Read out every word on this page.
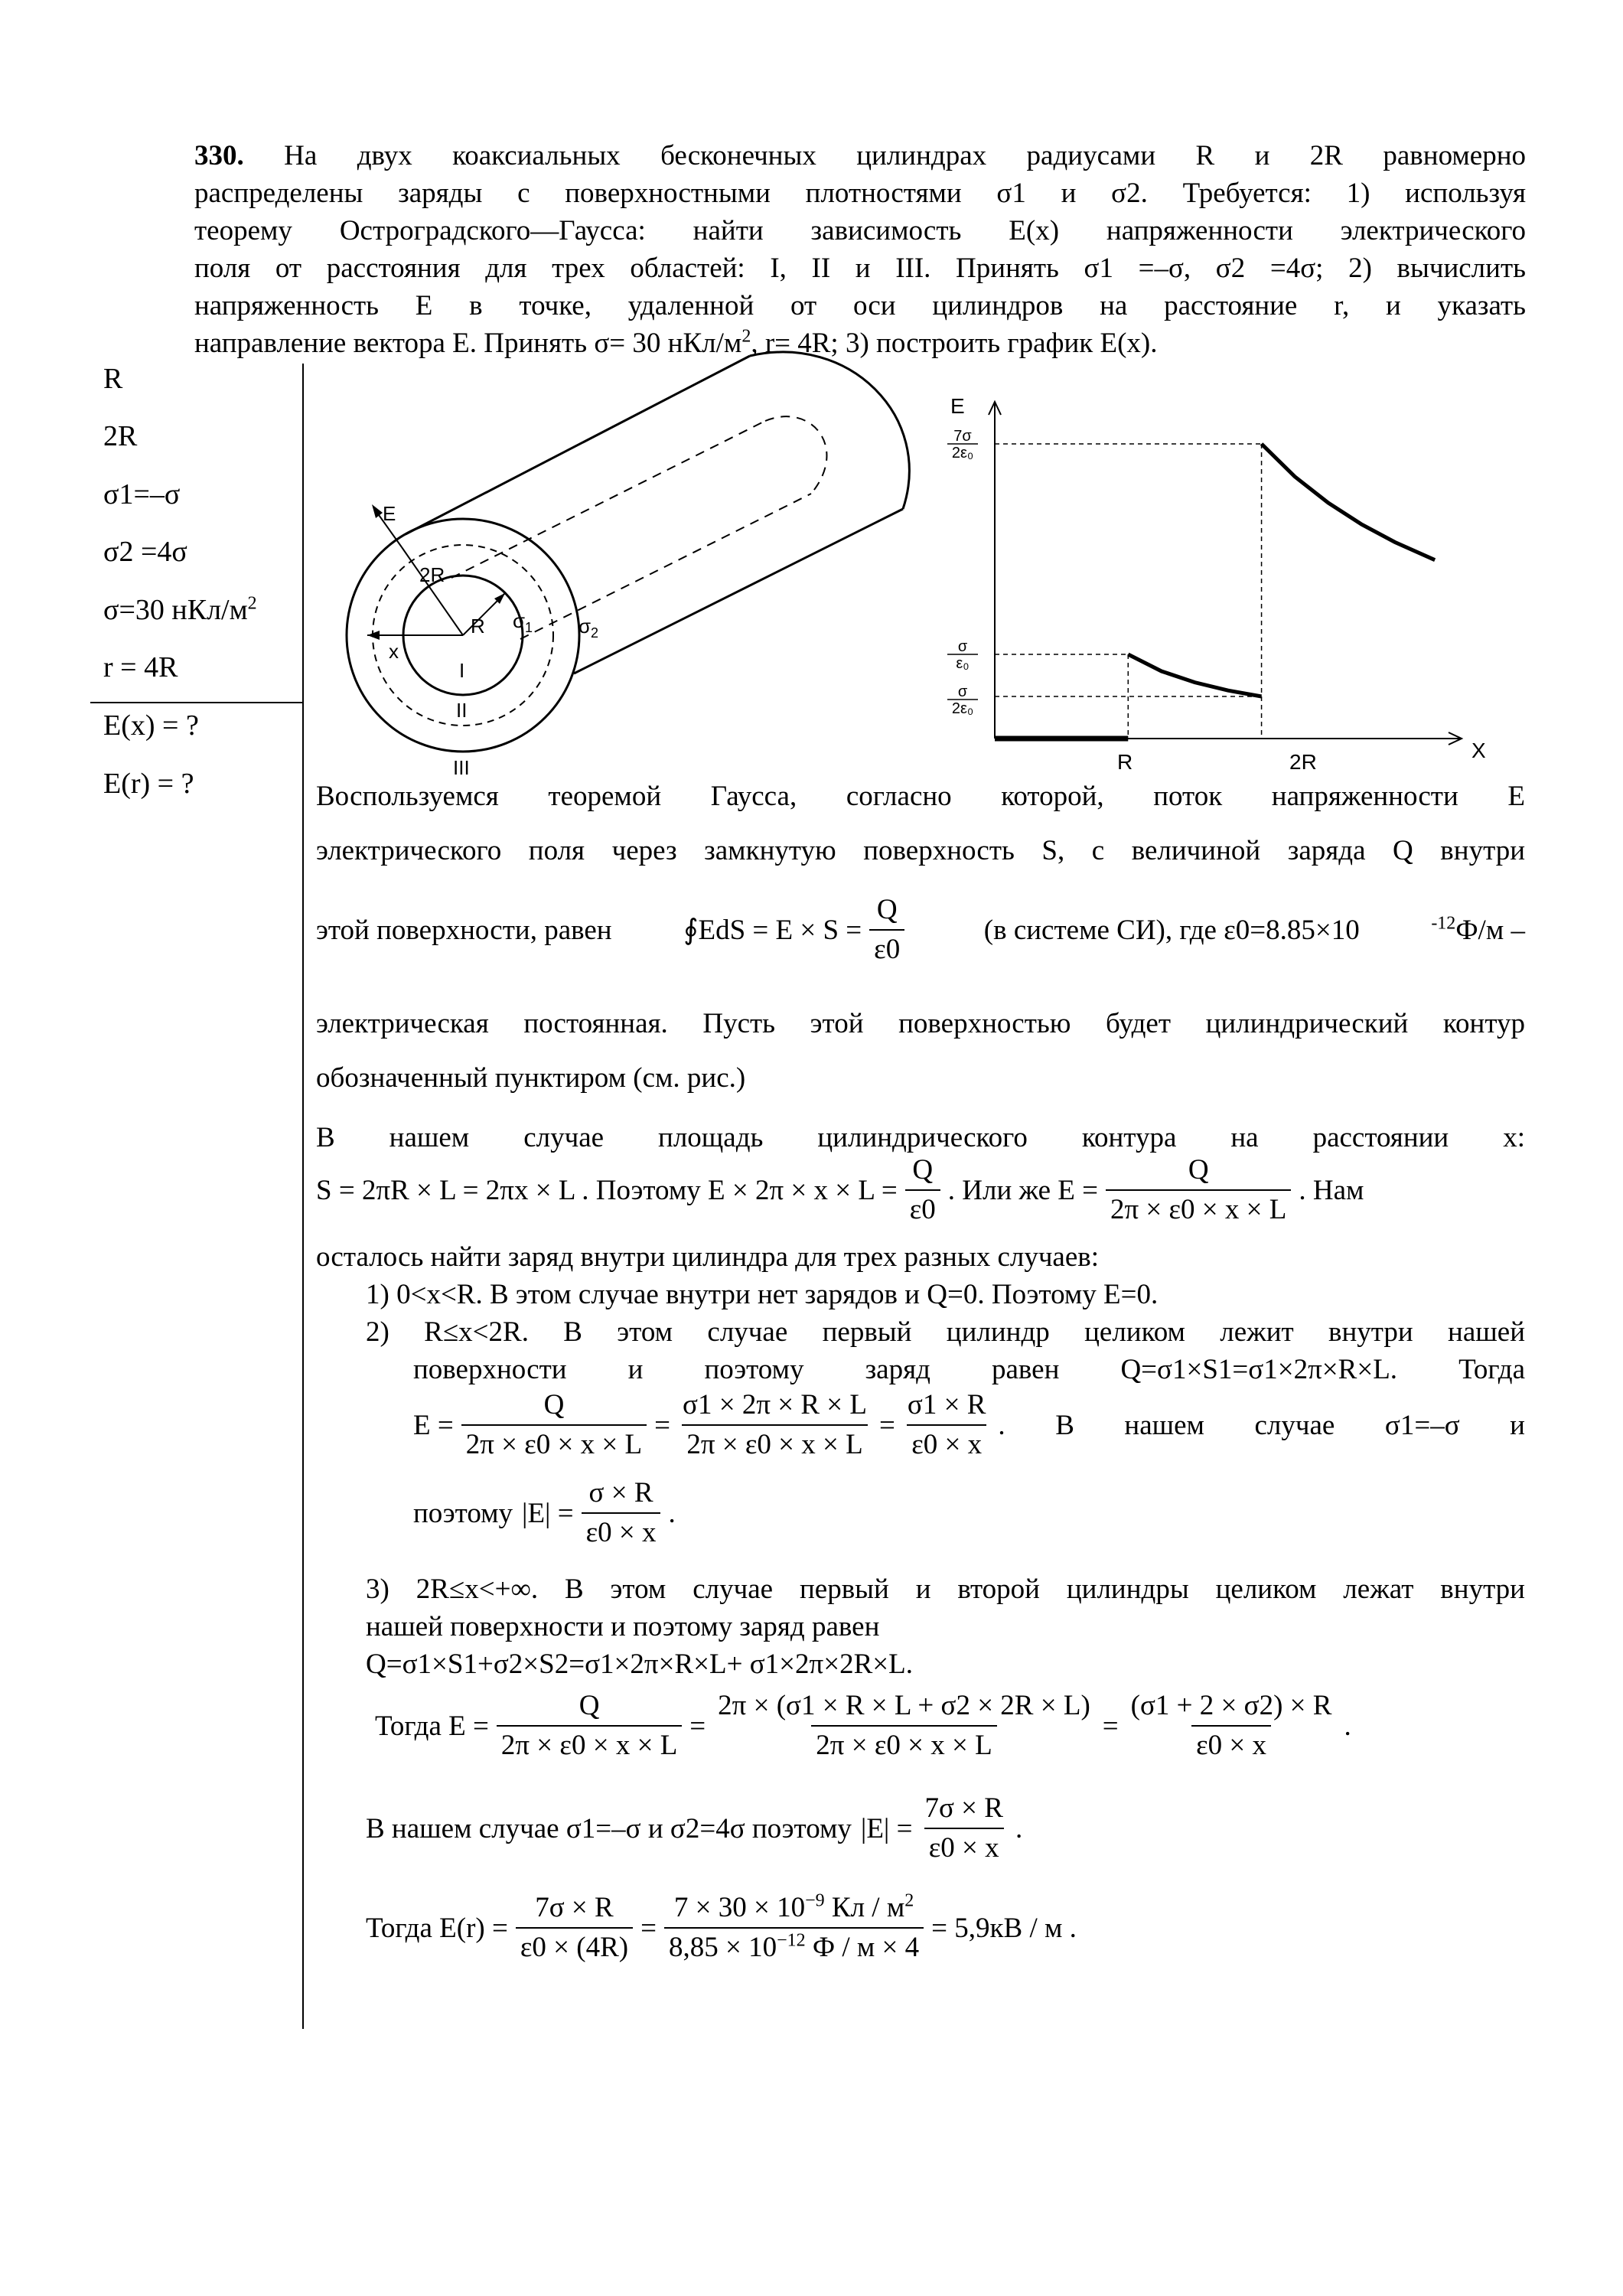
330. На двух коаксиальных бесконечных цилиндрах радиусами R и 2R равномерно
распределены заряды с поверхностными плотностями σ1 и σ2. Требуется: 1) используя
теорему Остроградского—Гаусса: найти зависимость E(x) напряженности электрического
поля от расстояния для трех областей: I, II и III. Принять σ1 =–σ, σ2 =4σ; 2) вычислить
напряженность E в точке, удаленной от оси цилиндров на расстояние r, и указать
направление вектора E. Принять σ= 30 нКл/$м^2$, r= 4R; 3) построить график E(x).
R
2R
σ1=–σ
σ2 =4σ
σ=30 нКл/$м^2$
r = 4R
E(x) = ?
E(r) = ?
E
2R
R
x
I
II
III
$\sigma_1$ $\sigma_2$
E
X
R	2R
7σ
2ε₀
σ
ε₀
σ
2ε₀
Воспользуемся теоремой Гаусса, согласно которой, поток напряженности E
электрического поля через замкнутую поверхность S, с величиной заряда Q внутри
этой поверхности, равен	∮EdS = $E \times S = \frac{Q}{\varepsilon 0}$	(в системе СИ), где ε0=8.85×10	$^{-12}$Ф/м –
электрическая постоянная. Пусть этой поверхностью будет цилиндрический контур
обозначенный пунктиром (см. рис.)
В нашем случае площадь цилиндрического контура на расстоянии x:
S = 2πR × L = 2πx × L . Поэтому $E \times 2\pi \times x \times L = \frac{Q}{\varepsilon 0}$ . Или же $E = \frac{Q}{2\pi \times \varepsilon 0 \times x \times L}$ . Нам
осталось найти заряд внутри цилиндра для трех разных случаев:
1) 0<x<R. В этом случае внутри нет зарядов и Q=0. Поэтому E=0.
2) R≤x<2R. В этом случае первый цилиндр целиком лежит внутри нашей
поверхности и поэтому заряд равен Q=σ1×S1=σ1×2π×R×L. Тогда
$E = \frac{Q}{2\pi \times \varepsilon 0 \times x \times L} = \frac{\sigma 1 \times 2\pi \times R \times L}{2\pi \times \varepsilon 0 \times x \times L} = \frac{\sigma 1 \times R}{\varepsilon 0 \times x}$ . В нашем случае σ1=–σ и
поэтому $|E| = \frac{\sigma \times R}{\varepsilon 0 \times x}$ .
3) 2R≤x<+∞. В этом случае первый и второй цилиндры целиком лежат внутри
нашей поверхности и поэтому заряд равен
Q=σ1×S1+σ2×S2=σ1×2π×R×L+ σ1×2π×2R×L.
Тогда $E = \frac{Q}{2\pi \times \varepsilon 0 \times x \times L} = \frac{2\pi \times (\sigma 1 \times R \times L + \sigma 2 \times 2R \times L)}{2\pi \times \varepsilon 0 \times x \times L} = \frac{(\sigma 1 + 2 \times \sigma 2) \times R}{\varepsilon 0 \times x}$ .
В нашем случае σ1=–σ и σ2=4σ поэтому $|E| = \frac{7\sigma \times R}{\varepsilon 0 \times x}$ .
Тогда $E(r) = \frac{7\sigma \times R}{\varepsilon 0 \times (4R)} = \frac{7 \times 30 \times 10^{-9} Кл / м^2}{8,85 \times 10^{-12} Ф / м \times 4} = 5,9кВ / м$ .
